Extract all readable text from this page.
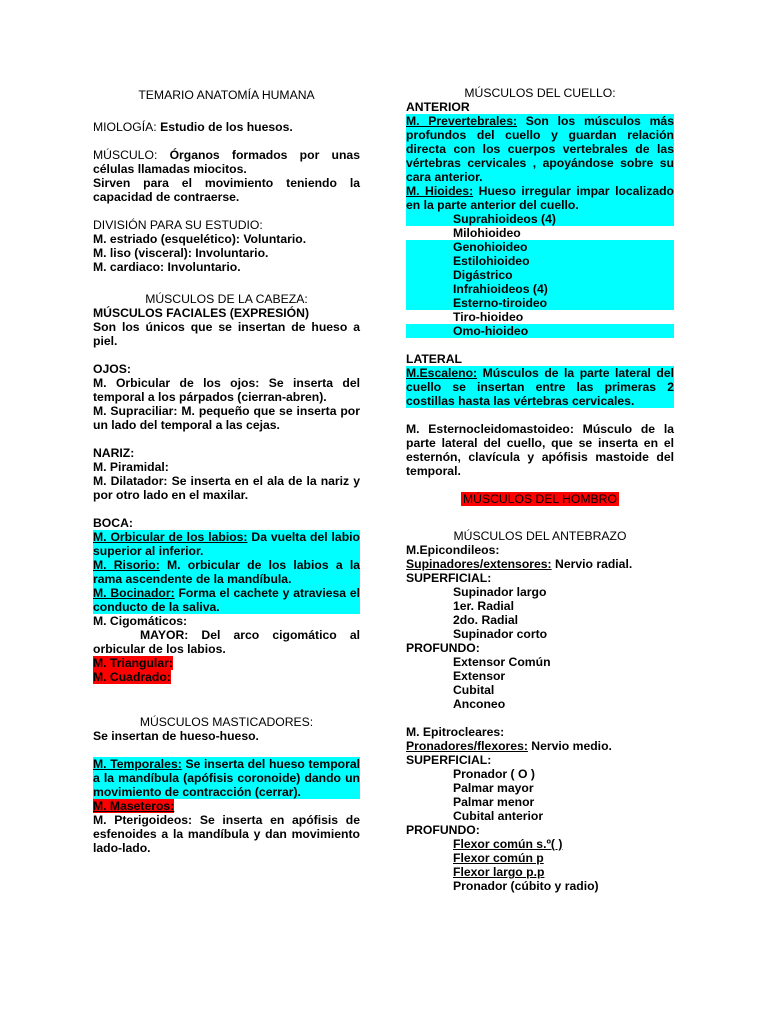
TEMARIO ANATOMÍA HUMANA

MIOLOGÍA: Estudio de los huesos.

MÚSCULO: Órganos formados por unas células llamadas miocitos.

Sirven para el movimiento teniendo la capacidad de contraerse.

DIVISIÓN PARA SU ESTUDIO:

M. estriado (esquelético): Voluntario.

M. liso (visceral): Involuntario.

M. cardiaco: Involuntario.

MÚSCULOS DE LA CABEZA:

MÚSCULOS FACIALES (EXPRESIÓN)

Son los únicos que se insertan de hueso a piel.

OJOS:

M. Orbicular de los ojos: Se inserta del temporal a los párpados (cierran-abren).

M. Supraciliar: M. pequeño que se inserta por un lado del temporal a las cejas.

NARIZ:

M. Piramidal:

M. Dilatador: Se inserta en el ala de la nariz y por otro lado en el maxilar.

BOCA:

M. Orbicular de los labios: Da vuelta del labio superior al inferior.

M. Risorio: M. orbicular de los labios a la rama ascendente de la mandíbula.

M. Bocinador: Forma el cachete y atraviesa el conducto de la saliva.

M. Cigomáticos:

MAYOR: Del arco cigomático al orbicular de los labios.

M. Triangular:

M. Cuadrado:

MÚSCULOS MASTICADORES:

Se insertan de hueso-hueso.

M. Temporales: Se inserta del hueso temporal a la mandíbula (apófisis coronoide) dando un movimiento de contracción (cerrar).

M. Maseteros:

M. Pterigoideos: Se inserta en apófisis de esfenoides a la mandíbula y dan movimiento lado-lado.

MÚSCULOS DEL CUELLO:

ANTERIOR

M. Prevertebrales: Son los músculos más profundos del cuello y guardan relación directa con los cuerpos vertebrales de las vértebras cervicales , apoyándose sobre su cara anterior.

M. Hioides: Hueso irregular impar localizado en la parte anterior del cuello.

Suprahioideos (4)

Milohioideo

Genohioideo

Estilohioideo

Digástrico

Infrahioideos (4)

Esterno-tiroideo

Tiro-hioideo

Omo-hioideo

LATERAL

M.Escaleno: Músculos de la parte lateral del cuello se insertan entre las primeras 2 costillas hasta las vértebras cervicales.

M. Esternocleidomastoideo: Músculo de la parte lateral del cuello, que se inserta en el esternón, clavícula y apófisis mastoide del temporal.

MÚSCULOS DEL HOMBRO

MÚSCULOS DEL ANTEBRAZO

M.Epicondileos:

Supinadores/extensores: Nervio radial.

SUPERFICIAL:

Supinador largo

1er. Radial

2do. Radial

Supinador corto

PROFUNDO:

Extensor Común

Extensor

Cubital

Anconeo

M. Epitrocleares:

Pronadores/flexores: Nervio medio.

SUPERFICIAL:

Pronador ( O )

Palmar mayor

Palmar menor

Cubital anterior

PROFUNDO:

Flexor común s.º( )

Flexor común p

Flexor largo p.p

Pronador (cúbito y radio)
